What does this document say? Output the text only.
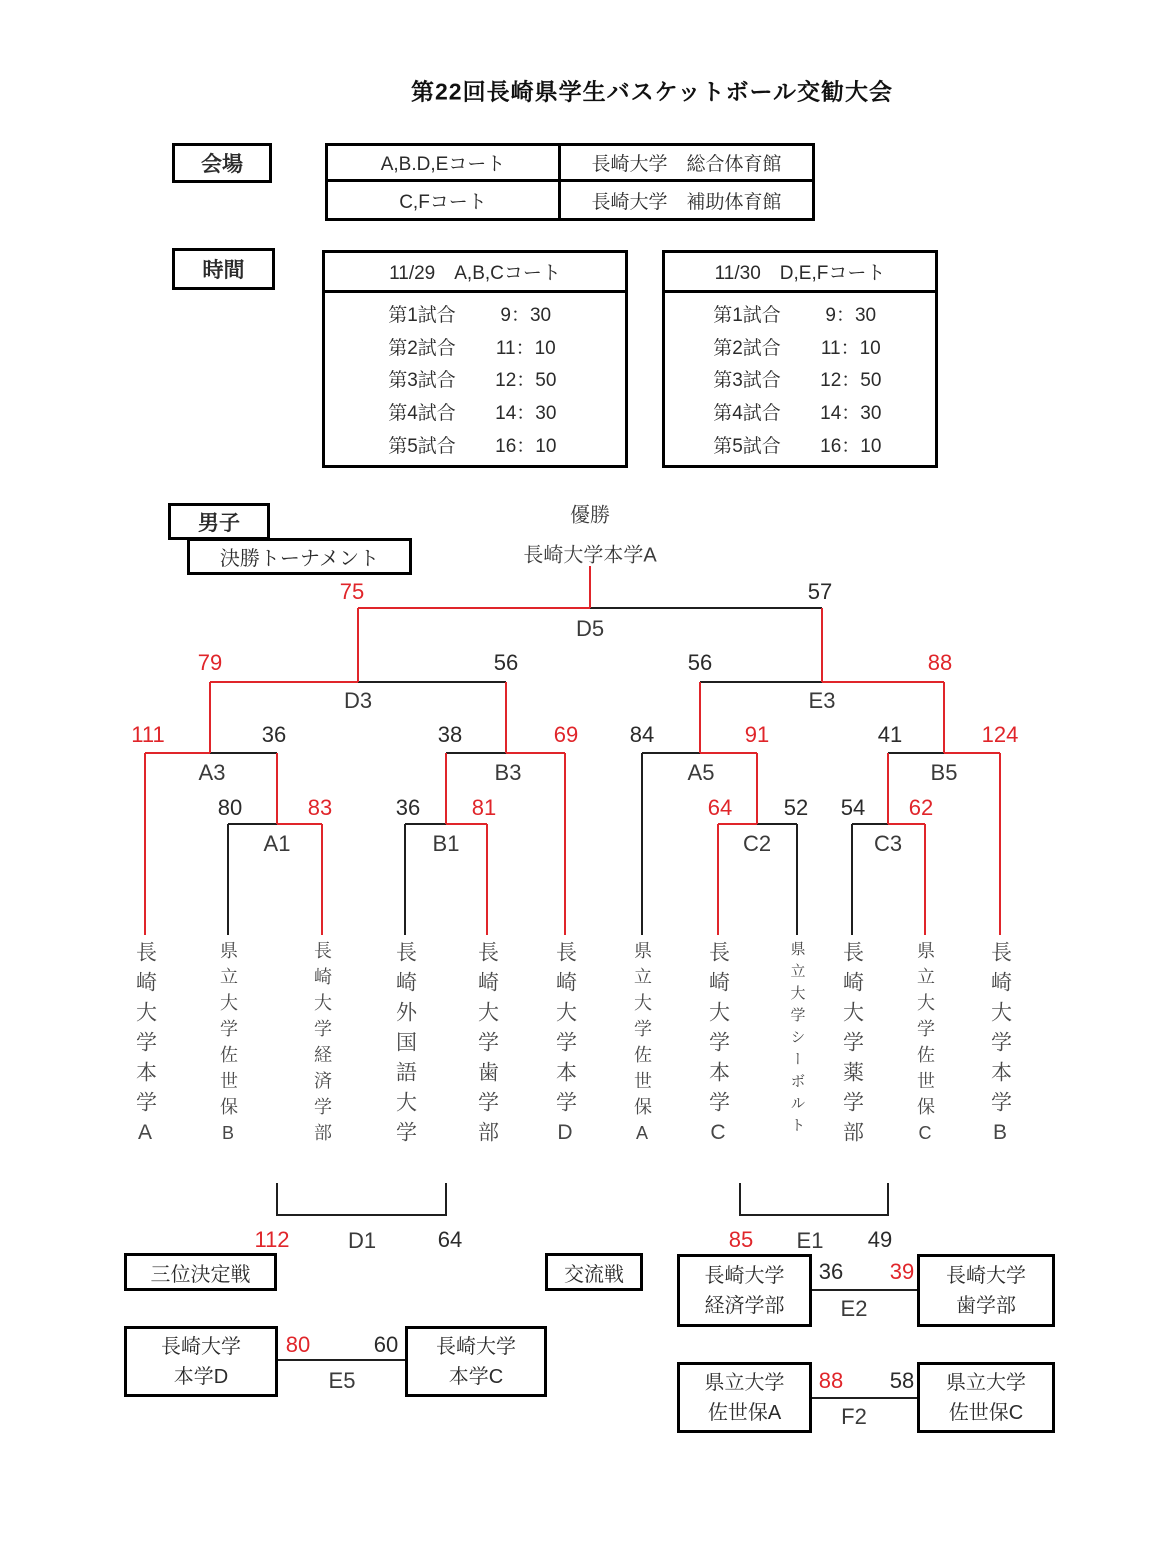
第22回長崎県学生バスケットボール交勧大会
会場	A,B.D,Eコート	長崎大学　総合体育館
C,Fコート	長崎大学　補助体育館
時間	11/29　A,B,Cコート
第1試合	9：30
第2試合	11：10
第3試合 12：50
第4試合 14：30
第5試合 16：10
11/30　D,E,Fコート
第1試合	9：30
第2試合	11：10
第3試合 12：50
第4試合 14：30
第5試合 16：10
決勝トーナメント
男子	優勝
長崎大学本学A
75	57
D5
79	56
D3
56	88
E3
111	36
A3
38	69
B3
84	91
A5
41	124
B5
80	83
A1
36 81
B1
64 52
C2
54 62
C3
112	D1	64	85 E1 49
長崎大学本学A	県立大学佐世保B	長崎大学経済学部	長崎外国語大学	長崎大学歯学部	長崎大学本学D	県立大学佐世保A	長崎大学本学C	県立大学シーボルト 長崎大学薬学部	県立大学佐世保C	長崎大学本学B
三位決定戦
長崎大学
本学D
80	60
E5
長崎大学
本学C
交流戦	長崎大学
経済学部
36 39
E2
長崎大学
歯学部
県立大学
佐世保A
88 58
F2
県立大学
佐世保C
